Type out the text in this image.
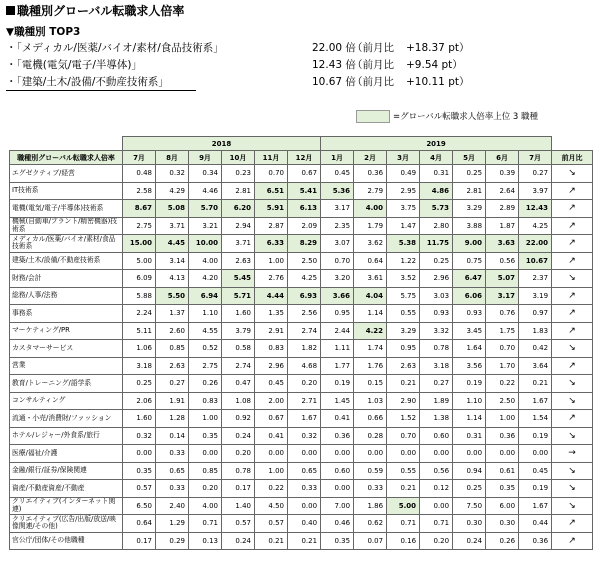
職種別グローバル転職求人倍率
▼職種別 TOP3
・「メディカル/医薬/バイオ/素材/食品技術系」	22.00 倍
（前月比 +18.37 pt）
・「電機(電気/電子/半導体)」	12.43 倍
（前月比 +9.54 pt）
・「建築/土木/設備/不動産技術系」	10.67 倍
（前月比 +10.11 pt）
=グローバル転職求人倍率上位 3 職種
	2018						2019							
職種別グローバル転職求人倍率	7月	8月	9月	10月	11月	12月	1月	2月	3月	4月	5月	6月	7月	前月比
エグゼクティブ/経営	0.48	0.32	0.34	0.23	0.70	0.67	0.45	0.36	0.49	0.31	0.25	0.39	0.27	↘
IT技術系	2.58	4.29	4.46	2.81	6.51	5.41	5.36	2.79	2.95	4.86	2.81	2.64	3.97	↗
電機(電気/電子/半導体)技術系	8.67	5.08	5.70	6.20	5.91	6.13	3.17	4.00	3.75	5.73	3.29	2.89	12.43	↗
機械(自動車/プラント/精密機器)技術系	2.75	3.71	3.21	2.94	2.87	2.09	2.35	1.79	1.47	2.80	3.88	1.87	4.25	↗
メディカル/医薬/バイオ/素材/食品技術系	15.00	4.45	10.00	3.71	6.33	8.29	3.07	3.62	5.38	11.75	9.00	3.63	22.00	↗
建築/土木/設備/不動産技術系	5.00	3.14	4.00	2.63	1.00	2.50	0.70	0.64	1.22	0.25	0.75	0.56	10.67	↗
財務/会計	6.09	4.13	4.20	5.45	2.76	4.25	3.20	3.61	3.52	2.96	6.47	5.07	2.37	↘
総務/人事/法務	5.88	5.50	6.94	5.71	4.44	6.93	3.66	4.04	5.75	3.03	6.06	3.17	3.19	↗
事務系	2.24	1.37	1.10	1.60	1.35	2.56	0.95	1.14	0.55	0.93	0.93	0.76	0.97	↗
マーケティング/PR	5.11	2.60	4.55	3.79	2.91	2.74	2.44	4.22	3.29	3.32	3.45	1.75	1.83	↗
カスタマーサービス	1.06	0.85	0.52	0.58	0.83	1.82	1.11	1.74	0.95	0.78	1.64	0.70	0.42	↘
営業	3.18	2.63	2.75	2.74	2.96	4.68	1.77	1.76	2.63	3.18	3.56	1.70	3.64	↗
教育/トレーニング/語学系	0.25	0.27	0.26	0.47	0.45	0.20	0.19	0.15	0.21	0.27	0.19	0.22	0.21	↘
コンサルティング	2.06	1.91	0.83	1.08	2.00	2.71	1.45	1.03	2.90	1.89	1.10	2.50	1.67	↘
流通・小売/消費財/ファッション	1.60	1.28	1.00	0.92	0.67	1.67	0.41	0.66	1.52	1.38	1.14	1.00	1.54	↗
ホテル/レジャー/外食系/旅行	0.32	0.14	0.35	0.24	0.41	0.32	0.36	0.28	0.70	0.60	0.31	0.36	0.19	↘
医療/福祉/介護	0.00	0.33	0.00	0.20	0.00	0.00	0.00	0.00	0.00	0.00	0.00	0.00	0.00	→
金融/銀行/証券/保険関連	0.35	0.65	0.85	0.78	1.00	0.65	0.60	0.59	0.55	0.56	0.94	0.61	0.45	↘
資産/不動産資産/不動産	0.57	0.33	0.20	0.17	0.22	0.33	0.00	0.33	0.21	0.12	0.25	0.35	0.19	↘
クリエイティブ(インターネット関連)	6.50	2.40	4.00	1.40	4.50	0.00	7.00	1.86	5.00	0.00	7.50	6.00	1.67	↘
クリエイティブ(広告/出版/放送/映像関連/その他)	0.64	1.29	0.71	0.57	0.57	0.40	0.46	0.62	0.71	0.71	0.30	0.30	0.44	↗
官公庁/団体/その他職種	0.17	0.29	0.13	0.24	0.21	0.21	0.35	0.07	0.16	0.20	0.24	0.26	0.36	↗
